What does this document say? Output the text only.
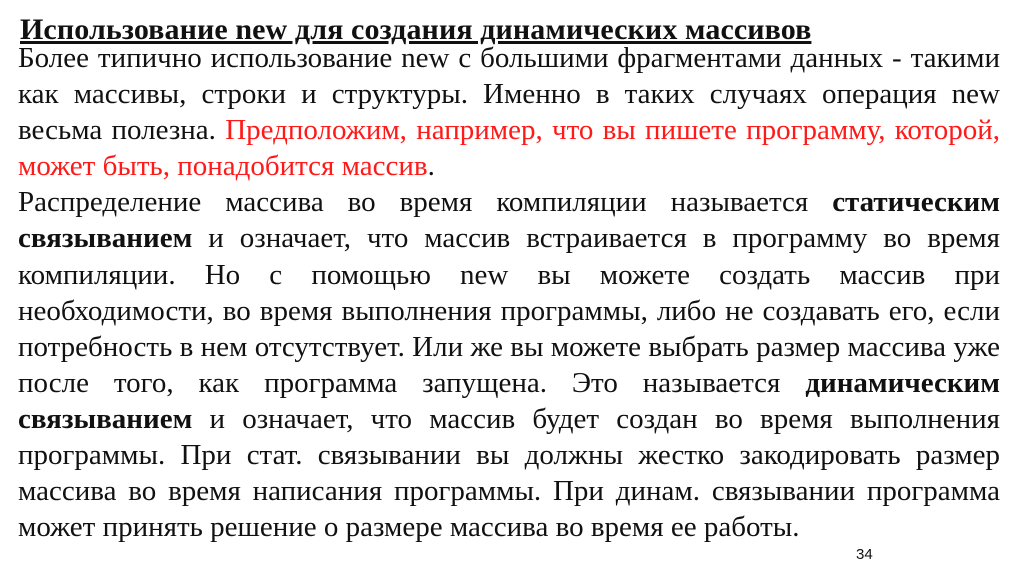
Использование new для создания динамических массивов

Более типично использование new с большими фрагментами данных - такими как массивы, строки и структуры. Именно в таких случаях операция new весьма полезна. Предположим, например, что вы пишете программу, которой, может быть, понадобится массив.

Распределение массива во время компиляции называется статическим связыванием и означает, что массив встраивается в программу во время компиляции. Но с помощью new вы можете создать массив при необходимости, во время выполнения программы, либо не создавать его, если потребность в нем отсутствует. Или же вы можете выбрать размер массива уже после того, как программа запущена. Это называется динамическим связыванием и означает, что массив будет создан во время выполнения программы. При стат. связывании вы должны жестко закодировать размер массива во время написания программы. При динам. связывании программа может принять решение о размере массива во время ее работы.

34
